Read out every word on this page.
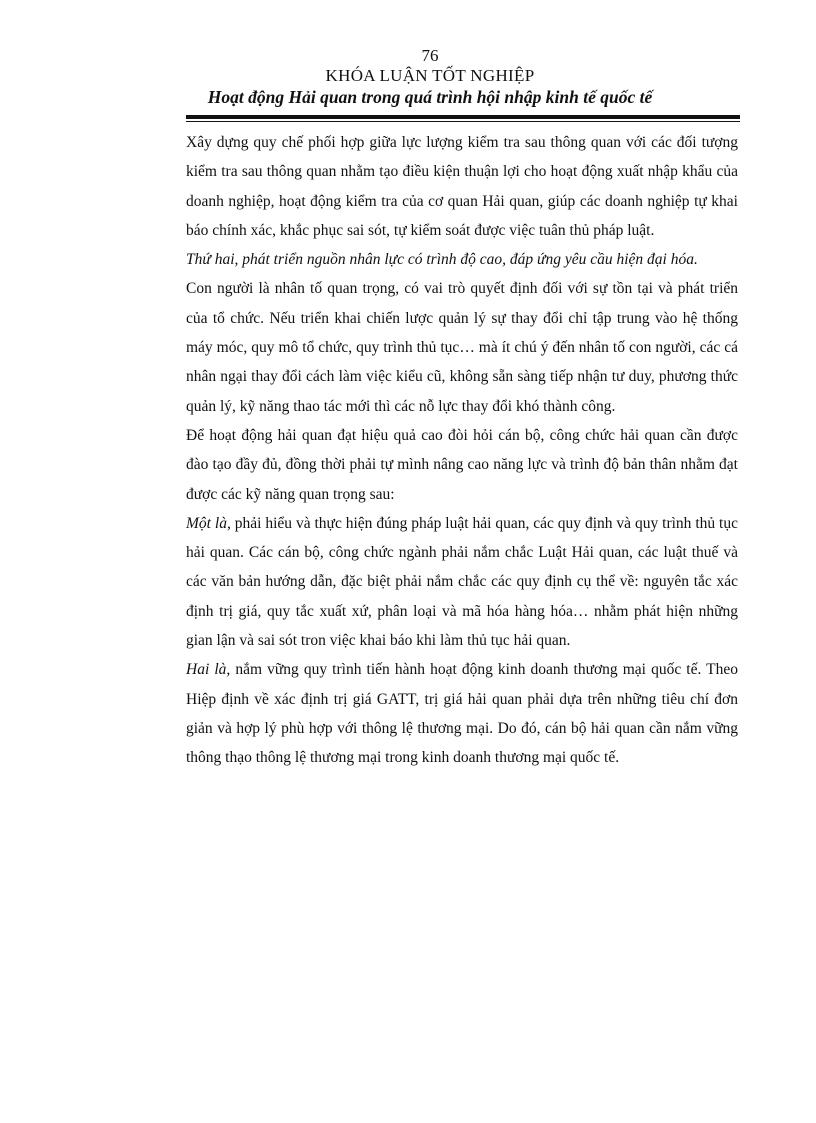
76
KHÓA LUẬN TỐT NGHIỆP
Hoạt động Hải quan trong quá trình hội nhập kinh tế quốc tế

Xây dựng quy chế phối hợp giữa lực lượng kiểm tra sau thông quan với các đối tượng kiểm tra sau thông quan nhằm tạo điều kiện thuận lợi cho hoạt động xuất nhập khẩu của doanh nghiệp, hoạt động kiểm tra của cơ quan Hải quan, giúp các doanh nghiệp tự khai báo chính xác, khắc phục sai sót, tự kiểm soát được việc tuân thủ pháp luật.

Thứ hai, phát triển nguồn nhân lực có trình độ cao, đáp ứng yêu cầu hiện đại hóa.

Con người là nhân tố quan trọng, có vai trò quyết định đối với sự tồn tại và phát triển của tổ chức. Nếu triển khai chiến lược quản lý sự thay đổi chỉ tập trung vào hệ thống máy móc, quy mô tổ chức, quy trình thủ tục… mà ít chú ý đến nhân tố con người, các cá nhân ngại thay đổi cách làm việc kiểu cũ, không sẵn sàng tiếp nhận tư duy, phương thức quản lý, kỹ năng thao tác mới thì các nỗ lực thay đổi khó thành công.

Để hoạt động hải quan đạt hiệu quả cao đòi hỏi cán bộ, công chức hải quan cần được đào tạo đầy đủ, đồng thời phải tự mình nâng cao năng lực và trình độ bản thân nhằm đạt được các kỹ năng quan trọng sau:

Một là, phải hiểu và thực hiện đúng pháp luật hải quan, các quy định và quy trình thủ tục hải quan. Các cán bộ, công chức ngành phải nắm chắc Luật Hải quan, các luật thuế và các văn bản hướng dẫn, đặc biệt phải nắm chắc các quy định cụ thể về: nguyên tắc xác định trị giá, quy tắc xuất xứ, phân loại và mã hóa hàng hóa… nhằm phát hiện những gian lận và sai sót tron việc khai báo khi làm thủ tục hải quan.

Hai là, nắm vững quy trình tiến hành hoạt động kinh doanh thương mại quốc tế. Theo Hiệp định về xác định trị giá GATT, trị giá hải quan phải dựa trên những tiêu chí đơn giản và hợp lý phù hợp với thông lệ thương mại. Do đó, cán bộ hải quan cần nắm vững thông thạo thông lệ thương mại trong kinh doanh thương mại quốc tế.
